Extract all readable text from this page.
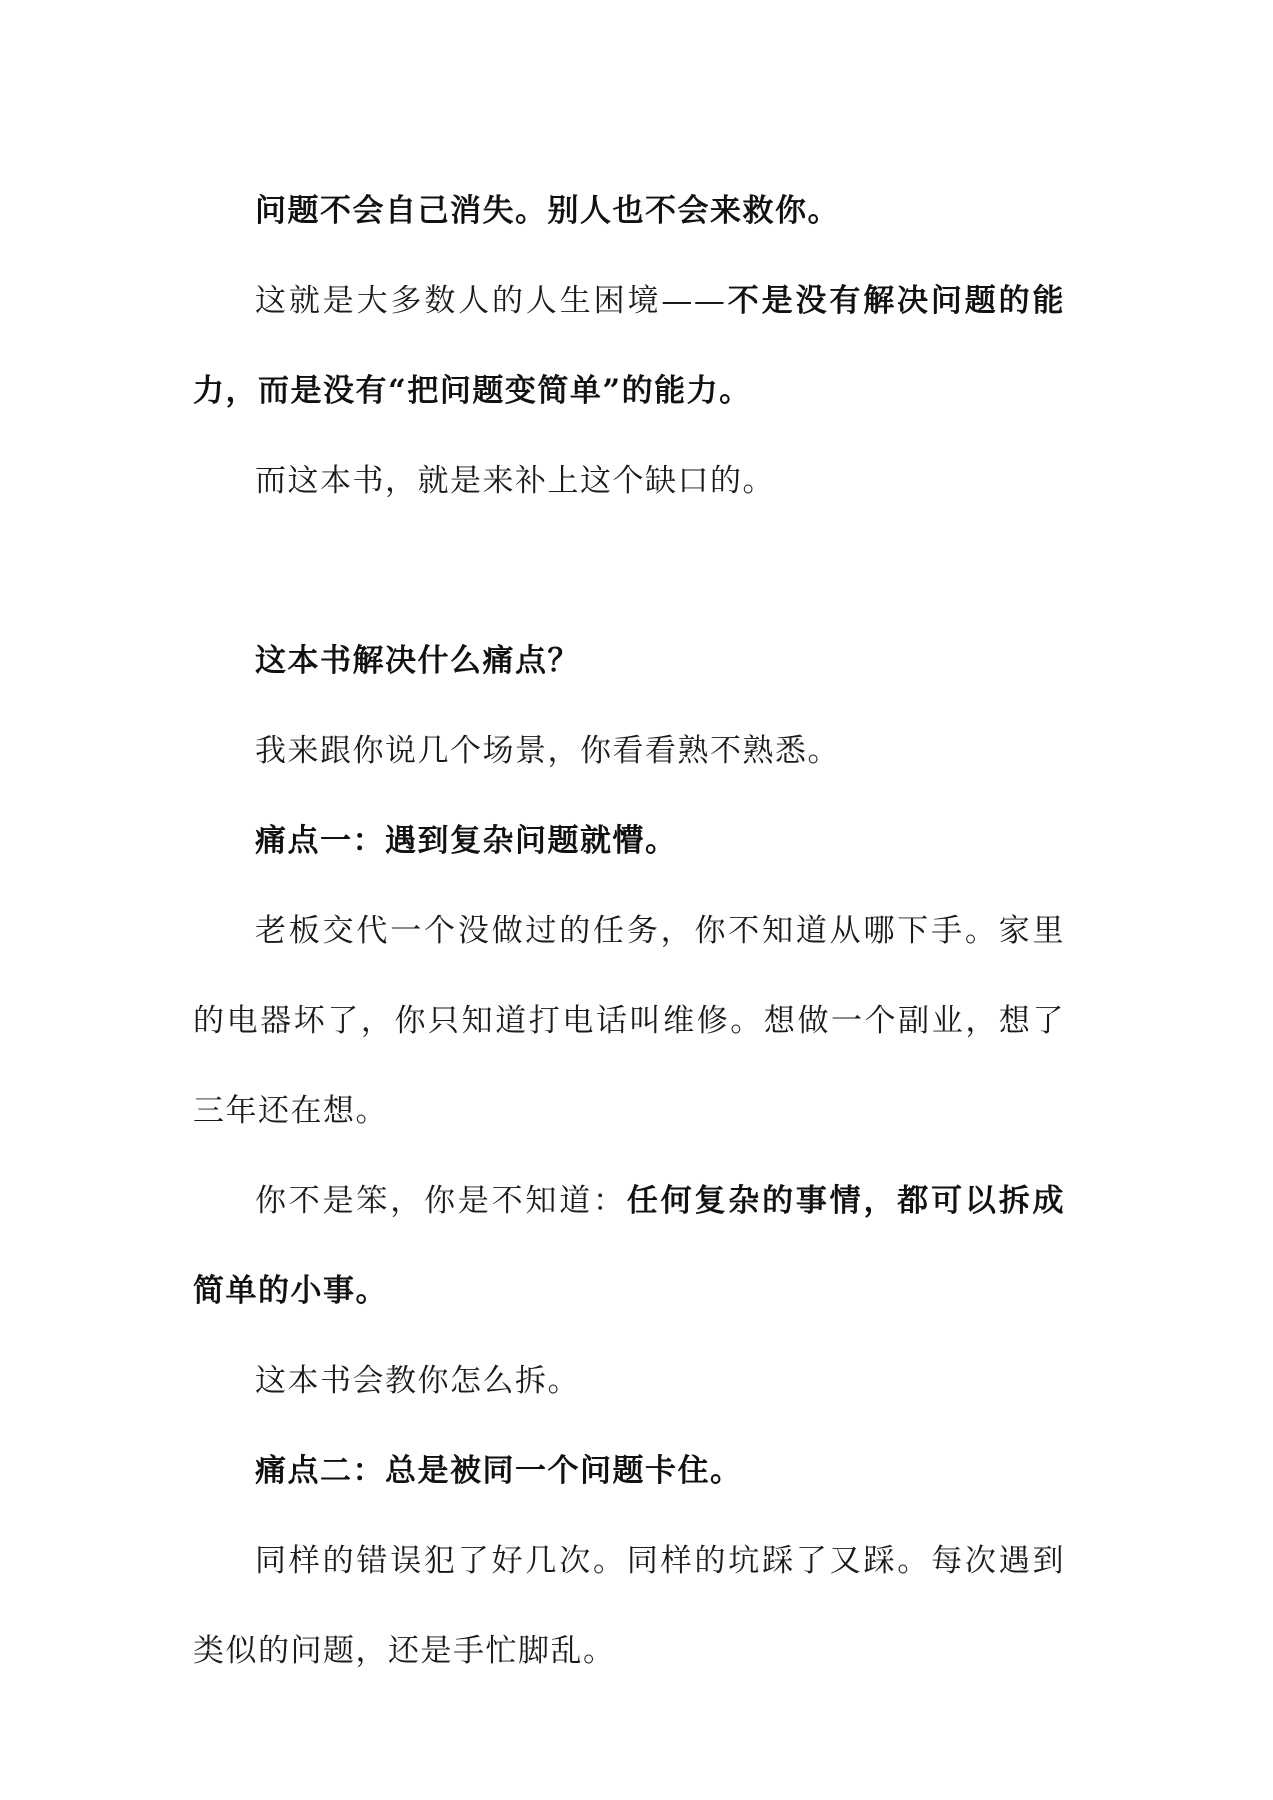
问题不会自己消失。别人也不会来救你。

这就是大多数人的人生困境——不是没有解决问题的能力，而是没有“把问题变简单”的能力。

而这本书，就是来补上这个缺口的。

这本书解决什么痛点？

我来跟你说几个场景，你看看熟不熟悉。

痛点一：遇到复杂问题就懵。

老板交代一个没做过的任务，你不知道从哪下手。家里的电器坏了，你只知道打电话叫维修。想做一个副业，想了三年还在想。

你不是笨，你是不知道：任何复杂的事情，都可以拆成简单的小事。

这本书会教你怎么拆。

痛点二：总是被同一个问题卡住。

同样的错误犯了好几次。同样的坑踩了又踩。每次遇到类似的问题，还是手忙脚乱。
